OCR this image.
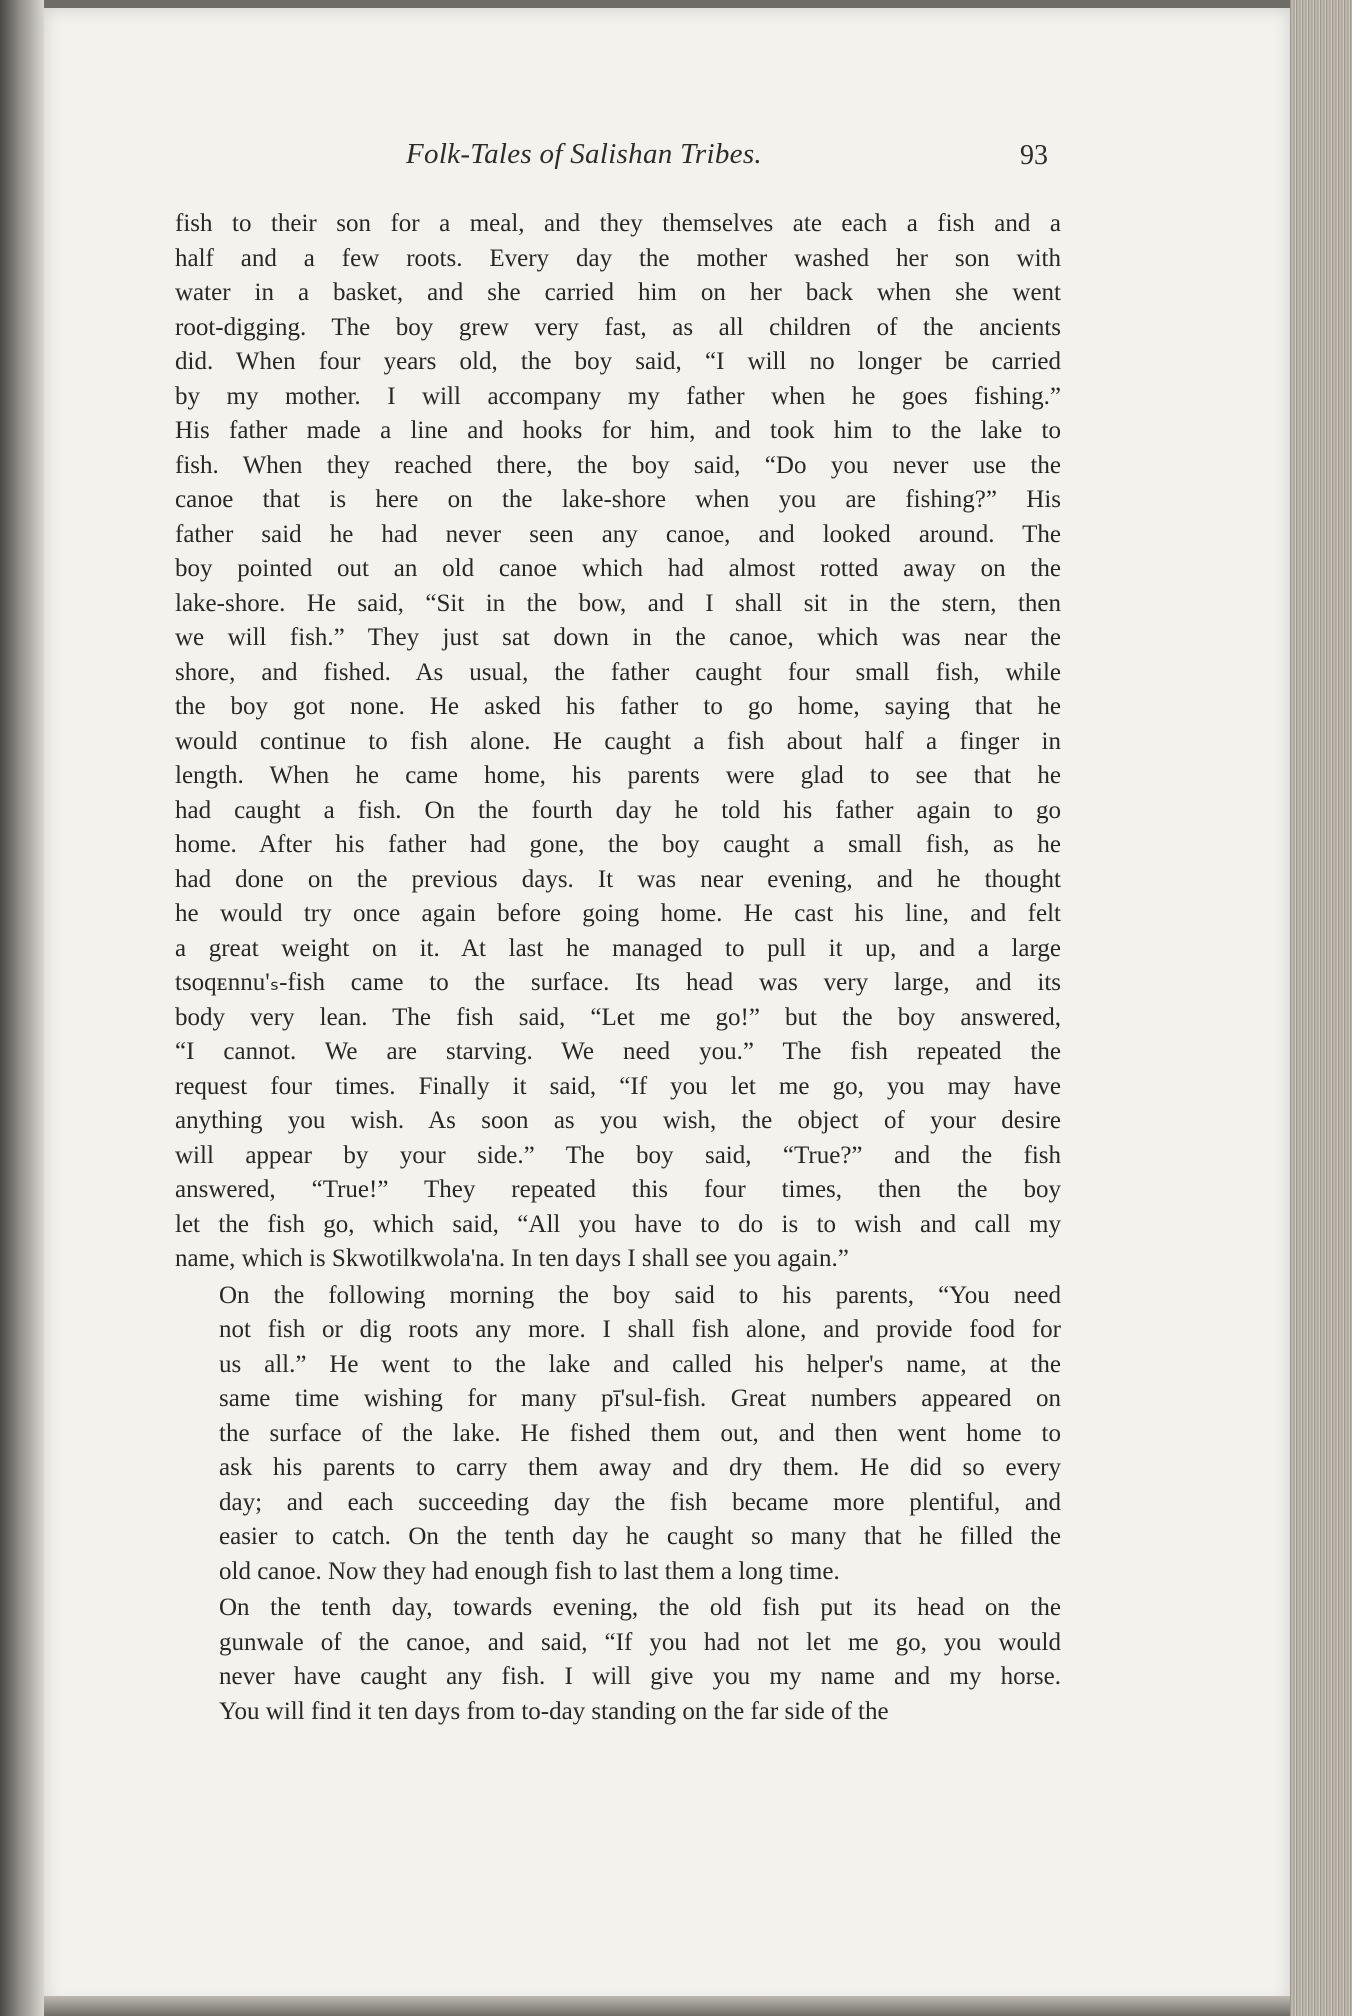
Folk-Tales of Salishan Tribes.	93
fish to their son for a meal, and they themselves ate each a fish and a
half and a few roots. Every day the mother washed her son with
water in a basket, and she carried him on her back when she went
root-digging. The boy grew very fast, as all children of the ancients
did. When four years old, the boy said, “I will no longer be carried
by my mother. I will accompany my father when he goes fishing.”
His father made a line and hooks for him, and took him to the lake to
fish. When they reached there, the boy said, “Do you never use the
canoe that is here on the lake-shore when you are fishing?” His
father said he had never seen any canoe, and looked around. The
boy pointed out an old canoe which had almost rotted away on the
lake-shore. He said, “Sit in the bow, and I shall sit in the stern, then
we will fish.” They just sat down in the canoe, which was near the
shore, and fished. As usual, the father caught four small fish, while
the boy got none. He asked his father to go home, saying that he
would continue to fish alone. He caught a fish about half a finger in
length. When he came home, his parents were glad to see that he
had caught a fish. On the fourth day he told his father again to go
home. After his father had gone, the boy caught a small fish, as he
had done on the previous days. It was near evening, and he thought
he would try once again before going home. He cast his line, and felt
a great weight on it. At last he managed to pull it up, and a large
tsoqᴇnnu'ₛ-fish came to the surface. Its head was very large, and its
body very lean. The fish said, “Let me go!” but the boy answered,
“I cannot. We are starving. We need you.” The fish repeated the
request four times. Finally it said, “If you let me go, you may have
anything you wish. As soon as you wish, the object of your desire
will appear by your side.” The boy said, “True?” and the fish
answered, “True!” They repeated this four times, then the boy
let the fish go, which said, “All you have to do is to wish and call my
name, which is Skwotilkwola'na. In ten days I shall see you again.”
On the following morning the boy said to his parents, “You need
not fish or dig roots any more. I shall fish alone, and provide food for
us all.” He went to the lake and called his helper's name, at the
same time wishing for many pī'sul-fish. Great numbers appeared on
the surface of the lake. He fished them out, and then went home to
ask his parents to carry them away and dry them. He did so every
day; and each succeeding day the fish became more plentiful, and
easier to catch. On the tenth day he caught so many that he filled the
old canoe. Now they had enough fish to last them a long time.
On the tenth day, towards evening, the old fish put its head on the
gunwale of the canoe, and said, “If you had not let me go, you would
never have caught any fish. I will give you my name and my horse.
You will find it ten days from to-day standing on the far side of the
